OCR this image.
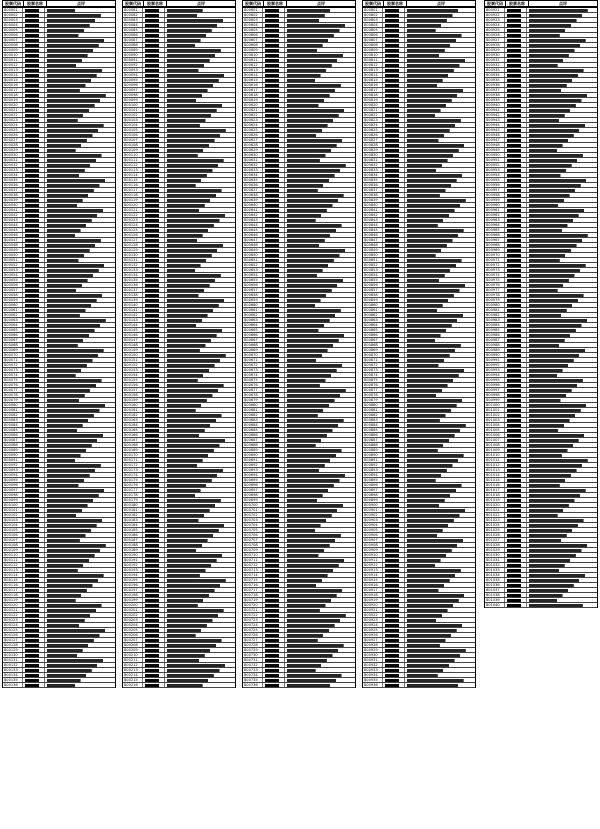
股票代码	股票名称	点评
800001
800002
800003
800004
800005
800006
800007
800008
800009
800010
800011
800012
800013
800014
800015
800016
800017
800018
800019
800020
800021
800022
800023
800024
800025
800026
800027
800028
800029
800030
800031
800032
800033
800034
800035
800036
800037
800038
800039
800040
800041
800042
800043
800044
800045
800046
800047
800048
800049
800050
800051
800052
800053
800054
800055
800056
800057
800058
800059
800060
800061
800062
800063
800064
800065
800066
800067
800068
800069
800070
800071
800072
800073
800074
800075
800076
800077
800078
800079
800080
800081
800082
800083
800084
800085
800086
800087
800088
800089
800090
800091
800092
800093
800094
800095
800096
800097
800098
800099
800100
800101
800102
800103
800104
800105
800106
800107
800108
800109
800110
800111
800112
800113
800114
800115
800116
800117
800118
800119
800120
800121
800122
800123
800124
800125
800126
800127
800128
800129
800130
800131
800132
800133
800134
800135
800136
股票代码	股票名称	点评
800081
800082
800083
800084
800085
800086
800087
800088
800089
800090
800091
800092
800093
800094
800095
800096
800097
800098
800099
800100
800101
800102
800103
800104
800105
800106
800107
800108
800109
800110
800111
800112
800113
800114
800115
800116
800117
800118
800119
800120
800121
800122
800123
800124
800125
800126
800127
800128
800129
800130
800131
800132
800133
800134
800135
800136
800137
800138
800139
800140
800141
800142
800143
800144
800145
800146
800147
800148
800149
800150
800151
800152
800153
800154
800155
800156
800157
800158
800159
800160
800161
800162
800163
800164
800165
800166
800167
800168
800169
800170
800171
800172
800173
800174
800175
800176
800177
800178
800179
800180
800181
800182
800183
800184
800185
800186
800187
800188
800189
800190
800191
800192
800193
800194
800195
800196
800197
800198
800199
800200
800201
800202
800203
800204
800205
800206
800207
800208
800209
800210
800211
800212
800213
800214
800215
800216
股票代码	股票名称	点评
800601
800602
800603
800604
800605
800606
800607
800608
800609
800610
800611
800612
800613
800614
800615
800616
800617
800618
800619
800620
800621
800622
800623
800624
800625
800626
800627
800628
800629
800630
800631
800632
800633
800634
800635
800636
800637
800638
800639
800640
800641
800642
800643
800644
800645
800646
800647
800648
800649
800650
800651
800652
800653
800654
800655
800656
800657
800658
800659
800660
800661
800662
800663
800664
800665
800666
800667
800668
800669
800670
800671
800672
800673
800674
800675
800676
800677
800678
800679
800680
800681
800682
800683
800684
800685
800686
800687
800688
800689
800690
800691
800692
800693
800694
800695
800696
800697
800698
800699
800700
800701
800702
800703
800704
800705
800706
800707
800708
800709
800710
800711
800712
800713
800714
800715
800716
800717
800718
800719
800720
800721
800722
800723
800724
800725
800726
800727
800728
800729
800730
800731
800732
800733
800734
800735
800736
股票代码	股票名称	点评
800801
800802
800803
800804
800805
800806
800807
800808
800809
800810
800811
800812
800813
800814
800815
800816
800817
800818
800819
800820
800821
800822
800823
800824
800825
800826
800827
800828
800829
800830
800831
800832
800833
800834
800835
800836
800837
800838
800839
800840
800841
800842
800843
800844
800845
800846
800847
800848
800849
800850
800851
800852
800853
800854
800855
800856
800857
800858
800859
800860
800861
800862
800863
800864
800865
800866
800867
800868
800869
800870
800871
800872
800873
800874
800875
800876
800877
800878
800879
800880
800881
800882
800883
800884
800885
800886
800887
800888
800889
800890
800891
800892
800893
800894
800895
800896
800897
800898
800899
800900
800901
800902
800903
800904
800905
800906
800907
800908
800909
800910
800911
800912
800913
800914
800915
800916
800917
800918
800919
800920
800921
800922
800923
800924
800925
800926
800927
800928
800929
800930
800931
800932
800933
800934
800935
800936
股票代码	股票名称	点评
800921
800922
800923
800924
800925
800926
800927
800928
800929
800930
800931
800932
800933
800934
800935
800936
800937
800938
800939
800940
800941
800942
800943
800944
800945
800946
800947
800948
800949
800950
800951
800952
800953
800954
800955
800956
800957
800958
800959
800960
800961
800962
800963
800964
800965
800966
800967
800968
800969
800970
800971
800972
800973
800974
800975
800976
800977
800978
800979
800980
800981
800982
800983
800984
800985
800986
800987
800988
800989
800990
800991
800992
800993
800994
800995
800996
800997
800998
800999
801000
801001
801002
801003
801004
801005
801006
801007
801008
801009
801010
801011
801012
801013
801014
801015
801016
801017
801018
801019
801020
801021
801022
801023
801024
801025
801026
801027
801028
801029
801030
801031
801032
801033
801034
801035
801036
801037
801038
801039
801040
